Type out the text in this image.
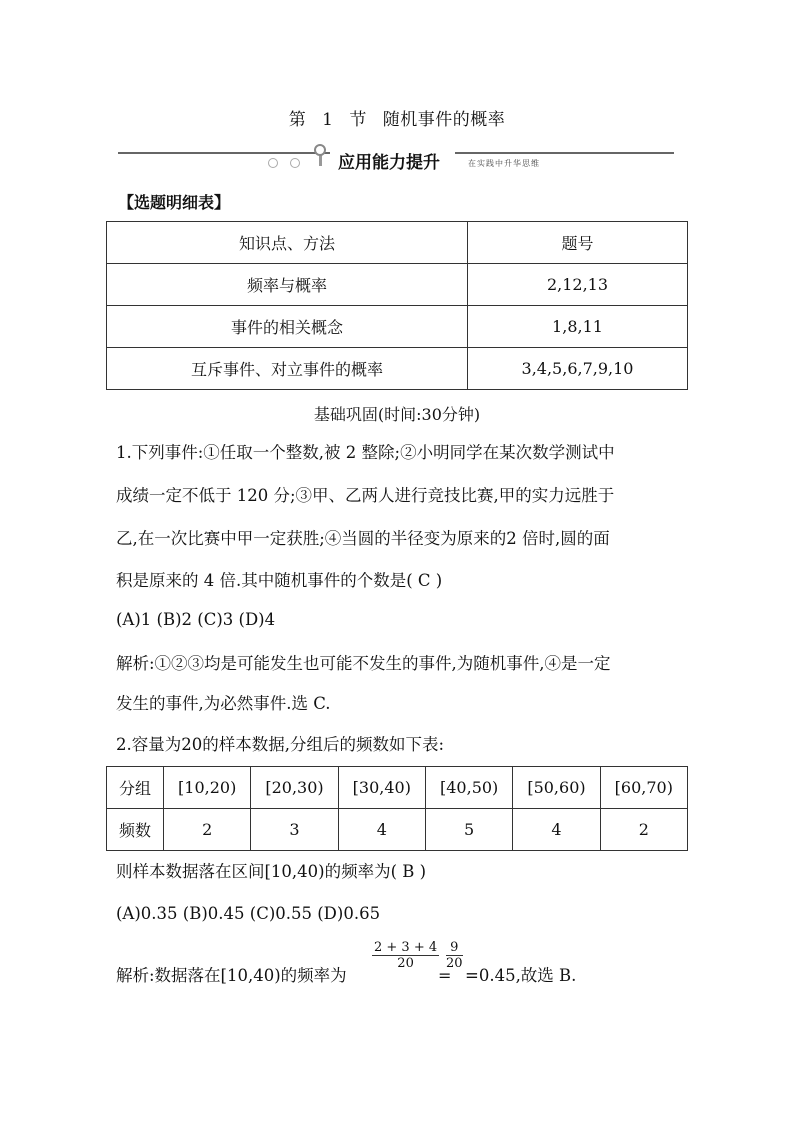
第 1 节 随机事件的概率
应用能力提升	在实践中升华思维
【选题明细表】
知识点、方法	题号
频率与概率	2,12,13
事件的相关概念	1,8,11
互斥事件、对立事件的概率	3,4,5,6,7,9,10
基础巩固(时间:30分钟)
1.下列事件:①任取一个整数,被 2 整除;②小明同学在某次数学测试中
成绩一定不低于 120 分;③甲、乙两人进行竞技比赛,甲的实力远胜于
乙,在一次比赛中甲一定获胜;④当圆的半径变为原来的2 倍时,圆的面
积是原来的 4 倍.其中随机事件的个数是( C )
(A)1 (B)2 (C)3 (D)4
解析:①②③均是可能发生也可能不发生的事件,为随机事件,④是一定
发生的事件,为必然事件.选 C.
2.容量为20的样本数据,分组后的频数如下表:
分组	[10,20)	[20,30)	[30,40)	[40,50)	[50,60)	[60,70)
频数	2	3	4	5	4	2
则样本数据落在区间[10,40)的频率为( B )
(A)0.35 (B)0.45 (C)0.55 (D)0.65
解析:数据落在[10,40)的频率为
$\frac{2 + 3 + 4}{20}$
=
$\frac{9}{20}$
=0.45,故选 B.
